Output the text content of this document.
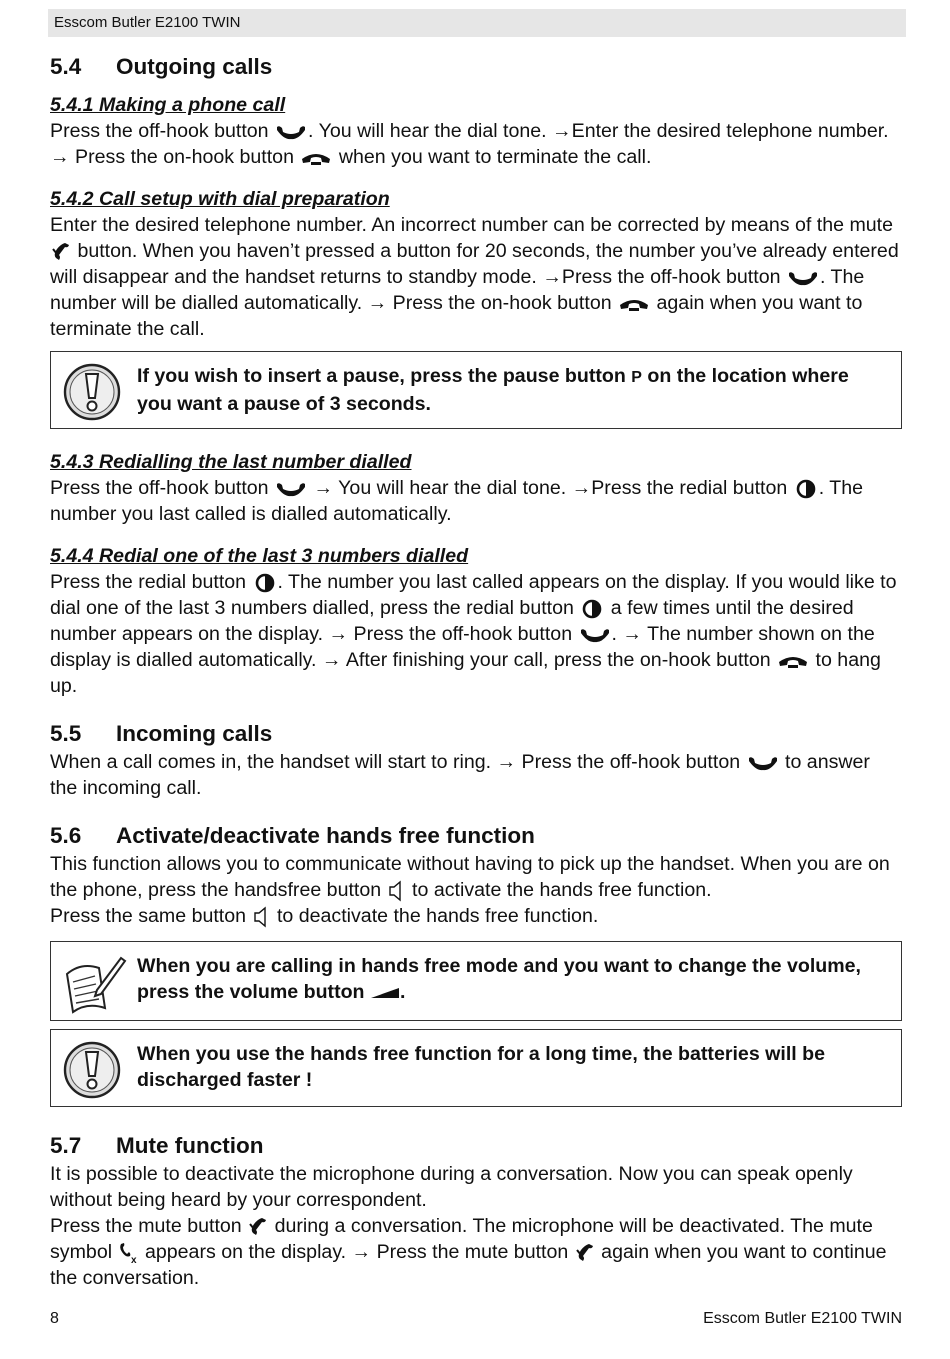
Esscom Butler E2100 TWIN
5.4 Outgoing calls
5.4.1 Making a phone call

Press the off-hook button
. You will hear the dial tone. →Enter the desired telephone number. → Press the on-hook button
when you want to terminate the call.

5.4.2 Call setup with dial preparation

Enter the desired telephone number. An incorrect number can be corrected by means of the mute
button. When you haven’t pressed a button for 20 seconds, the number you’ve already entered will disappear and the handset returns to standby mode. →Press the off-hook button
. The number will be dialled automatically. → Press the on-hook button
again when you want to terminate the call.

If you wish to insert a pause, press the pause button P on the location where you want a pause of 3 seconds.
5.4.3 Redialling the last number dialled

Press the off-hook button
→ You will hear the dial tone. →Press the redial button
. The number you last called is dialled automatically.

5.4.4 Redial one of the last 3 numbers dialled

Press the redial button
. The number you last called appears on the display. If you would like to dial one of the last 3 numbers dialled, press the redial button
a few times until the desired number appears on the display. → Press the off-hook button
. → The number shown on the display is dialled automatically. → After finishing your call, press the on-hook button
to hang up.

5.5 Incoming calls

When a call comes in, the handset will start to ring. → Press the off-hook button
to answer the incoming call.

5.6 Activate/deactivate hands free function

This function allows you to communicate without having to pick up the handset. When you are on the phone, press the handsfree button
to activate the hands free function.
Press the same button
to deactivate the hands free function.

When you are calling in hands free mode and you want to change the volume, press the volume button
.
When you use the hands free function for a long time, the batteries will be discharged faster !
5.7 Mute function

It is possible to deactivate the microphone during a conversation. Now you can speak openly without being heard by your correspondent.

Press the mute button
during a conversation. The microphone will be deactivated. The mute symbol x appears on the display. → Press the mute button
again when you want to continue the conversation.

8	Esscom Butler E2100 TWIN
